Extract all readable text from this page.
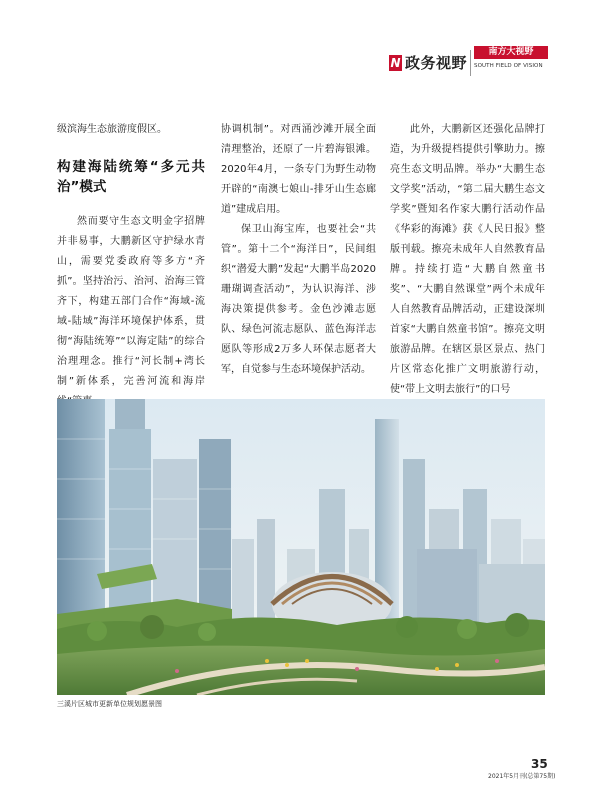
N 政务视野
南方大视野
SOUTH FIELD OF VISION

级滨海生态旅游度假区。

构建海陆统筹“多元共治”模式

然而要守生态文明金字招牌并非易事，大鹏新区守护绿水青山，需要党委政府等多方“齐抓”。坚持治污、治河、治海三管齐下，构建五部门合作“海域-流域-陆域”海洋环境保护体系，贯彻“海陆统筹”“以海定陆”的综合治理理念。推行“河长制+湾长制”新体系，完善河流和海岸

协调机制”。对西涌沙滩开展全面清理整治，还原了一片碧海银滩。2020年4月，一条专门为野生动物开辟的“南澳七娘山-排牙山生态廊道”建成启用。

保卫山海宝库，也要社会“共管”。第十二个“海洋日”，民间组织“潜爱大鹏”发起“大鹏半岛2020珊瑚调查活动”，为认识海洋、涉海决策提供参考。金色沙滩志愿队、绿色河流志愿队、蓝色海洋志愿队等形成2万多人环保志愿者大军，自觉参与生态环境保护活动。

此外，大鹏新区还强化品牌打造，为升级提档提供引擎助力。擦亮生态文明品牌。举办“大鹏生态文学奖”活动，“第二届大鹏生态文学奖”暨知名作家大鹏行活动作品《华彩的海滩》获《人民日报》整版刊载。擦亮未成年人自然教育品牌。持续打造“大鹏自然童书奖”、“大鹏自然课堂”两个未成年人自然教育品牌活动，正建设深圳首家“大鹏自然童书馆”。擦亮文明旅游品牌。在辖区景区景点、热门片区常态化推广文明旅游行动，使“带上文明去旅行”的口号

三溪片区城市更新单位规划愿景图
35
2021年5月刊(总第75期)
